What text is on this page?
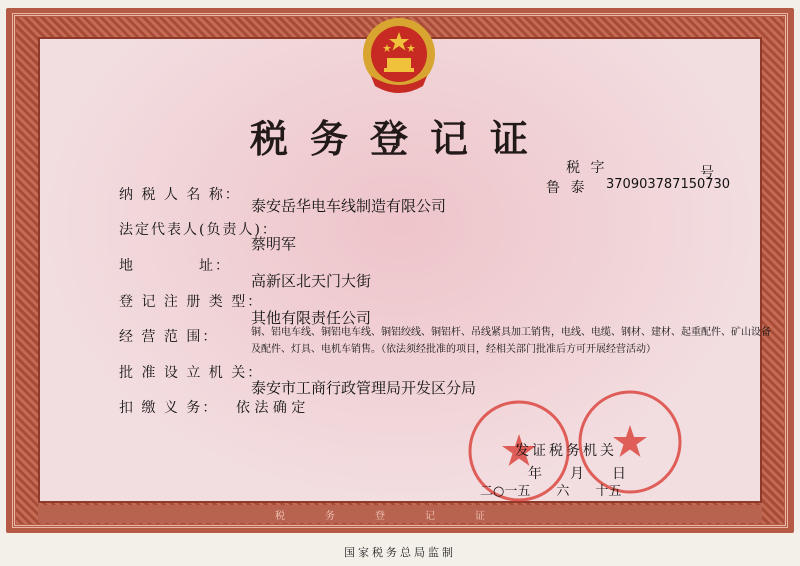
税务登记证
税务登记证
税 字	号
鲁 泰 370903787150730
纳 税 人 名 称：
泰安岳华电车线制造有限公司
法定代表人(负责人)：
蔡明军
地　　　　址：
高新区北天门大街
登 记 注 册 类 型：
其他有限责任公司
经 营 范 围：	铜、铝电车线、铜铝电车线、铜铝绞线、铜铝杆、吊线紧具加工销售，电线、电缆、钢材、建材、起重配件、矿山设备及配件、灯具、电机车销售。（依法须经批准的项目，经相关部门批准后方可开展经营活动）
批 准 设 立 机 关：
泰安市工商行政管理局开发区分局
扣 缴 义 务： 依 法 确 定
发证税务机关
年　　月　　日
二○一五　　六　　十五
国家税务总局监制
